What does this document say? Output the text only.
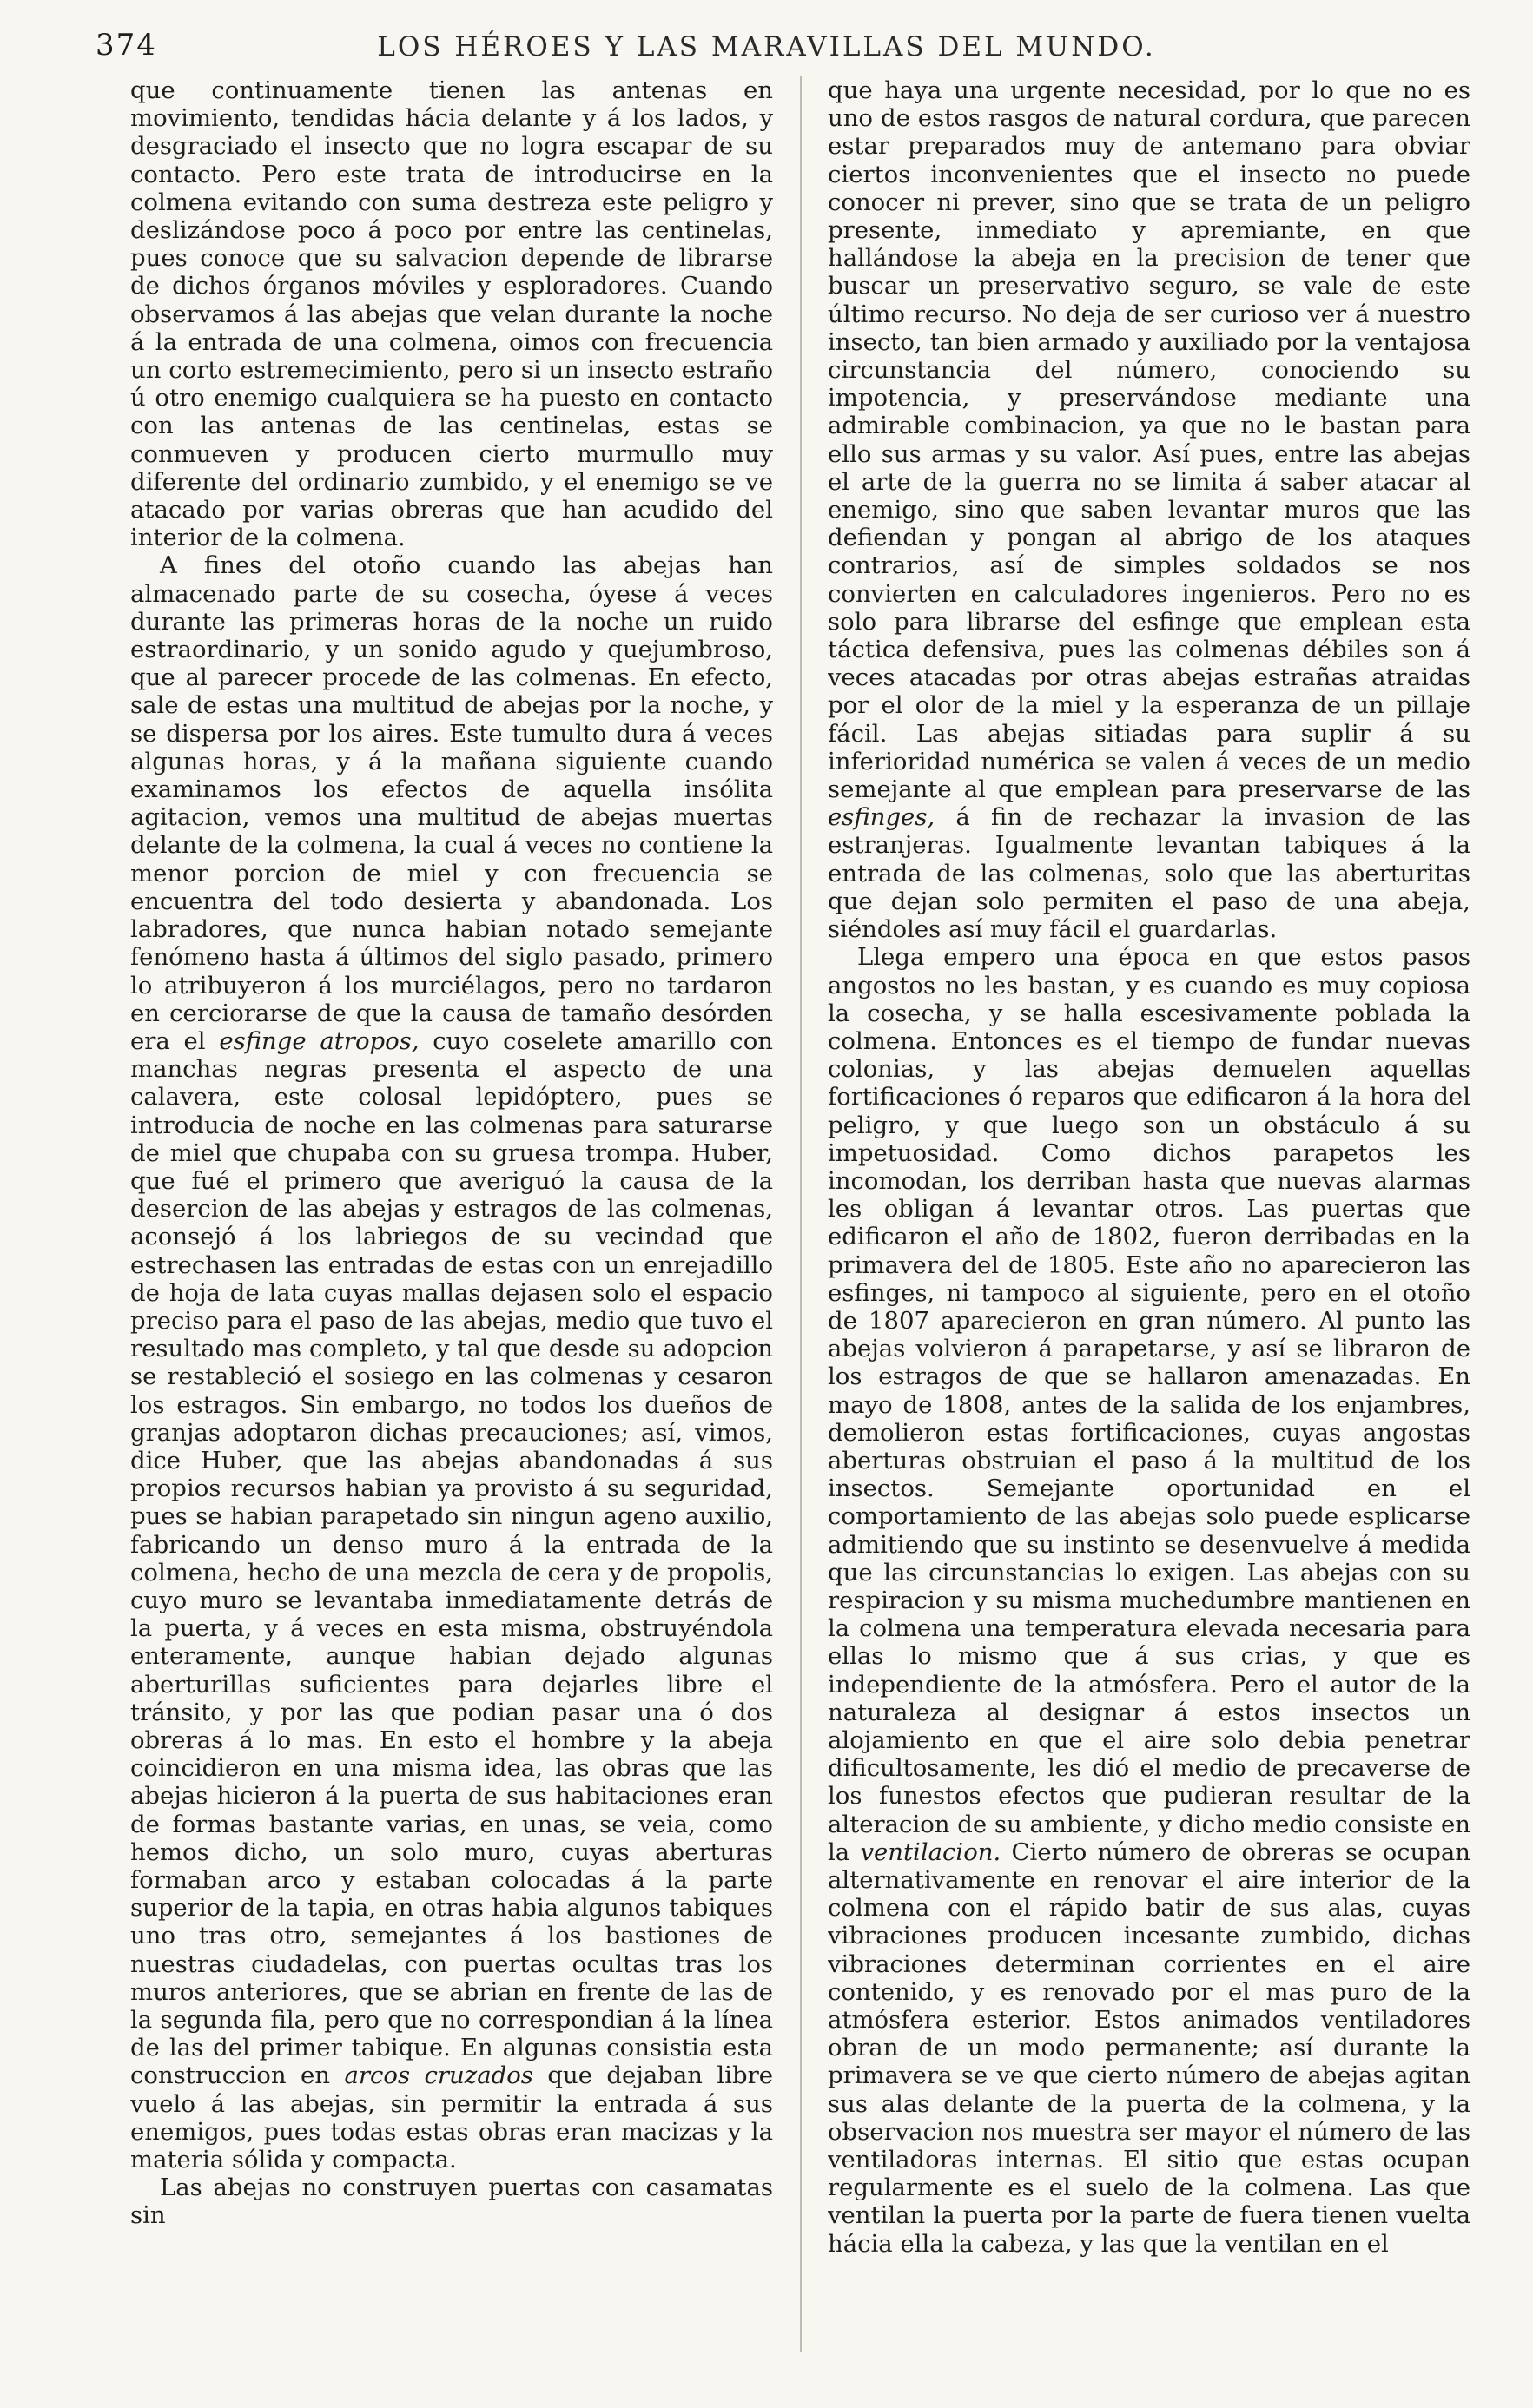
374	LOS HÉROES Y LAS MARAVILLAS DEL MUNDO.

que continuamente tienen las antenas en movimiento, tendidas hácia delante y á los lados, y desgraciado el insecto que no logra escapar de su contacto. Pero este trata de introducirse en la colmena evitando con suma destreza este peligro y deslizándose poco á poco por entre las centinelas, pues conoce que su salvacion depende de librarse de dichos órganos móviles y esploradores. Cuando observamos á las abejas que velan durante la noche á la entrada de una colmena, oimos con frecuencia un corto estremecimiento, pero si un insecto estraño ú otro enemigo cualquiera se ha puesto en contacto con las antenas de las centinelas, estas se conmueven y producen cierto murmullo muy diferente del ordinario zumbido, y el enemigo se ve atacado por varias obreras que han acudido del interior de la colmena.

A fines del otoño cuando las abejas han almacenado parte de su cosecha, óyese á veces durante las primeras horas de la noche un ruido estraordinario, y un sonido agudo y quejumbroso, que al parecer procede de las colmenas. En efecto, sale de estas una multitud de abejas por la noche, y se dispersa por los aires. Este tumulto dura á veces algunas horas, y á la mañana siguiente cuando examinamos los efectos de aquella insólita agitacion, vemos una multitud de abejas muertas delante de la colmena, la cual á veces no contiene la menor porcion de miel y con frecuencia se encuentra del todo desierta y abandonada. Los labradores, que nunca habian notado semejante fenómeno hasta á últimos del siglo pasado, primero lo atribuyeron á los murciélagos, pero no tardaron en cerciorarse de que la causa de tamaño desórden era el esfinge atropos, cuyo coselete amarillo con manchas negras presenta el aspecto de una calavera, este colosal lepidóptero, pues se introducia de noche en las colmenas para saturarse de miel que chupaba con su gruesa trompa. Huber, que fué el primero que averiguó la causa de la desercion de las abejas y estragos de las colmenas, aconsejó á los labriegos de su vecindad que estrechasen las entradas de estas con un enrejadillo de hoja de lata cuyas mallas dejasen solo el espacio preciso para el paso de las abejas, medio que tuvo el resultado mas completo, y tal que desde su adopcion se restableció el sosiego en las colmenas y cesaron los estragos. Sin embargo, no todos los dueños de granjas adoptaron dichas precauciones; así, vimos, dice Huber, que las abejas abandonadas á sus propios recursos habian ya provisto á su seguridad, pues se habian parapetado sin ningun ageno auxilio, fabricando un denso muro á la entrada de la colmena, hecho de una mezcla de cera y de propolis, cuyo muro se levantaba inmediatamente detrás de la puerta, y á veces en esta misma, obstruyéndola enteramente, aunque habian dejado algunas aberturillas suficientes para dejarles libre el tránsito, y por las que podian pasar una ó dos obreras á lo mas. En esto el hombre y la abeja coincidieron en una misma idea, las obras que las abejas hicieron á la puerta de sus habitaciones eran de formas bastante varias, en unas, se veia, como hemos dicho, un solo muro, cuyas aberturas formaban arco y estaban colocadas á la parte superior de la tapia, en otras habia algunos tabiques uno tras otro, semejantes á los bastiones de nuestras ciudadelas, con puertas ocultas tras los muros anteriores, que se abrian en frente de las de la segunda fila, pero que no correspondian á la línea de las del primer tabique. En algunas consistia esta construccion en arcos cruzados que dejaban libre vuelo á las abejas, sin permitir la entrada á sus enemigos, pues todas estas obras eran macizas y la materia sólida y compacta.

Las abejas no construyen puertas con casamatas sin

que haya una urgente necesidad, por lo que no es uno de estos rasgos de natural cordura, que parecen estar preparados muy de antemano para obviar ciertos inconvenientes que el insecto no puede conocer ni prever, sino que se trata de un peligro presente, inmediato y apremiante, en que hallándose la abeja en la precision de tener que buscar un preservativo seguro, se vale de este último recurso. No deja de ser curioso ver á nuestro insecto, tan bien armado y auxiliado por la ventajosa circunstancia del número, conociendo su impotencia, y preservándose mediante una admirable combinacion, ya que no le bastan para ello sus armas y su valor. Así pues, entre las abejas el arte de la guerra no se limita á saber atacar al enemigo, sino que saben levantar muros que las defiendan y pongan al abrigo de los ataques contrarios, así de simples soldados se nos convierten en calculadores ingenieros. Pero no es solo para librarse del esfinge que emplean esta táctica defensiva, pues las colmenas débiles son á veces atacadas por otras abejas estrañas atraidas por el olor de la miel y la esperanza de un pillaje fácil. Las abejas sitiadas para suplir á su inferioridad numérica se valen á veces de un medio semejante al que emplean para preservarse de las esfinges, á fin de rechazar la invasion de las estranjeras. Igualmente levantan tabiques á la entrada de las colmenas, solo que las aberturitas que dejan solo permiten el paso de una abeja, siéndoles así muy fácil el guardarlas.

Llega empero una época en que estos pasos angostos no les bastan, y es cuando es muy copiosa la cosecha, y se halla escesivamente poblada la colmena. Entonces es el tiempo de fundar nuevas colonias, y las abejas demuelen aquellas fortificaciones ó reparos que edificaron á la hora del peligro, y que luego son un obstáculo á su impetuosidad. Como dichos parapetos les incomodan, los derriban hasta que nuevas alarmas les obligan á levantar otros. Las puertas que edificaron el año de 1802, fueron derribadas en la primavera del de 1805. Este año no aparecieron las esfinges, ni tampoco al siguiente, pero en el otoño de 1807 aparecieron en gran número. Al punto las abejas volvieron á parapetarse, y así se libraron de los estragos de que se hallaron amenazadas. En mayo de 1808, antes de la salida de los enjambres, demolieron estas fortificaciones, cuyas angostas aberturas obstruian el paso á la multitud de los insectos. Semejante oportunidad en el comportamiento de las abejas solo puede esplicarse admitiendo que su instinto se desenvuelve á medida que las circunstancias lo exigen. Las abejas con su respiracion y su misma muchedumbre mantienen en la colmena una temperatura elevada necesaria para ellas lo mismo que á sus crias, y que es independiente de la atmósfera. Pero el autor de la naturaleza al designar á estos insectos un alojamiento en que el aire solo debia penetrar dificultosamente, les dió el medio de precaverse de los funestos efectos que pudieran resultar de la alteracion de su ambiente, y dicho medio consiste en la ventilacion. Cierto número de obreras se ocupan alternativamente en renovar el aire interior de la colmena con el rápido batir de sus alas, cuyas vibraciones producen incesante zumbido, dichas vibraciones determinan corrientes en el aire contenido, y es renovado por el mas puro de la atmósfera esterior. Estos animados ventiladores obran de un modo permanente; así durante la primavera se ve que cierto número de abejas agitan sus alas delante de la puerta de la colmena, y la observacion nos muestra ser mayor el número de las ventiladoras internas. El sitio que estas ocupan regularmente es el suelo de la colmena. Las que ventilan la puerta por la parte de fuera tienen vuelta hácia ella la cabeza, y las que la ventilan en el
